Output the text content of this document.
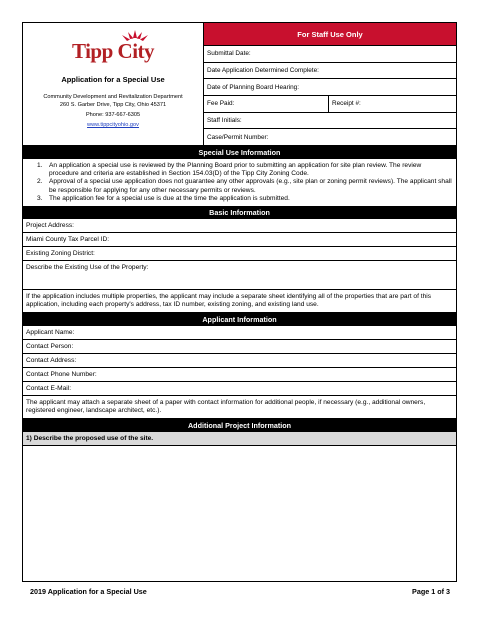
Tipp City
Application for a Special Use
Community Development and Revitalization Department
260 S. Garber Drive, Tipp City, Ohio 45371
Phone: 937-667-6305
www.tippcityohio.gov
For Staff Use Only
Submittal Date:
Date Application Determined Complete:
Date of Planning Board Hearing:
Fee Paid:	Receipt #:
Staff Initials:
Case/Permit Number:
Special Use Information
1. An application a special use is reviewed by the Planning Board prior to submitting an application for site plan review. The review procedure and criteria are established in Section 154.03(D) of the Tipp City Zoning Code.
2. Approval of a special use application does not guarantee any other approvals (e.g., site plan or zoning permit reviews). The applicant shall be responsible for applying for any other necessary permits or reviews.
3. The application fee for a special use is due at the time the application is submitted.
Basic Information
Project Address:
Miami County Tax Parcel ID:
Existing Zoning District:
Describe the Existing Use of the Property:
If the application includes multiple properties, the applicant may include a separate sheet identifying all of the properties that are part of this application, including each property's address, tax ID number, existing zoning, and existing land use.
Applicant Information
Applicant Name:
Contact Person:
Contact Address:
Contact Phone Number:
Contact E-Mail:
The applicant may attach a separate sheet of a paper with contact information for additional people, if necessary (e.g., additional owners, registered engineer, landscape architect, etc.).
Additional Project Information
1) Describe the proposed use of the site.
2019 Application for a Special Use	Page 1 of 3
